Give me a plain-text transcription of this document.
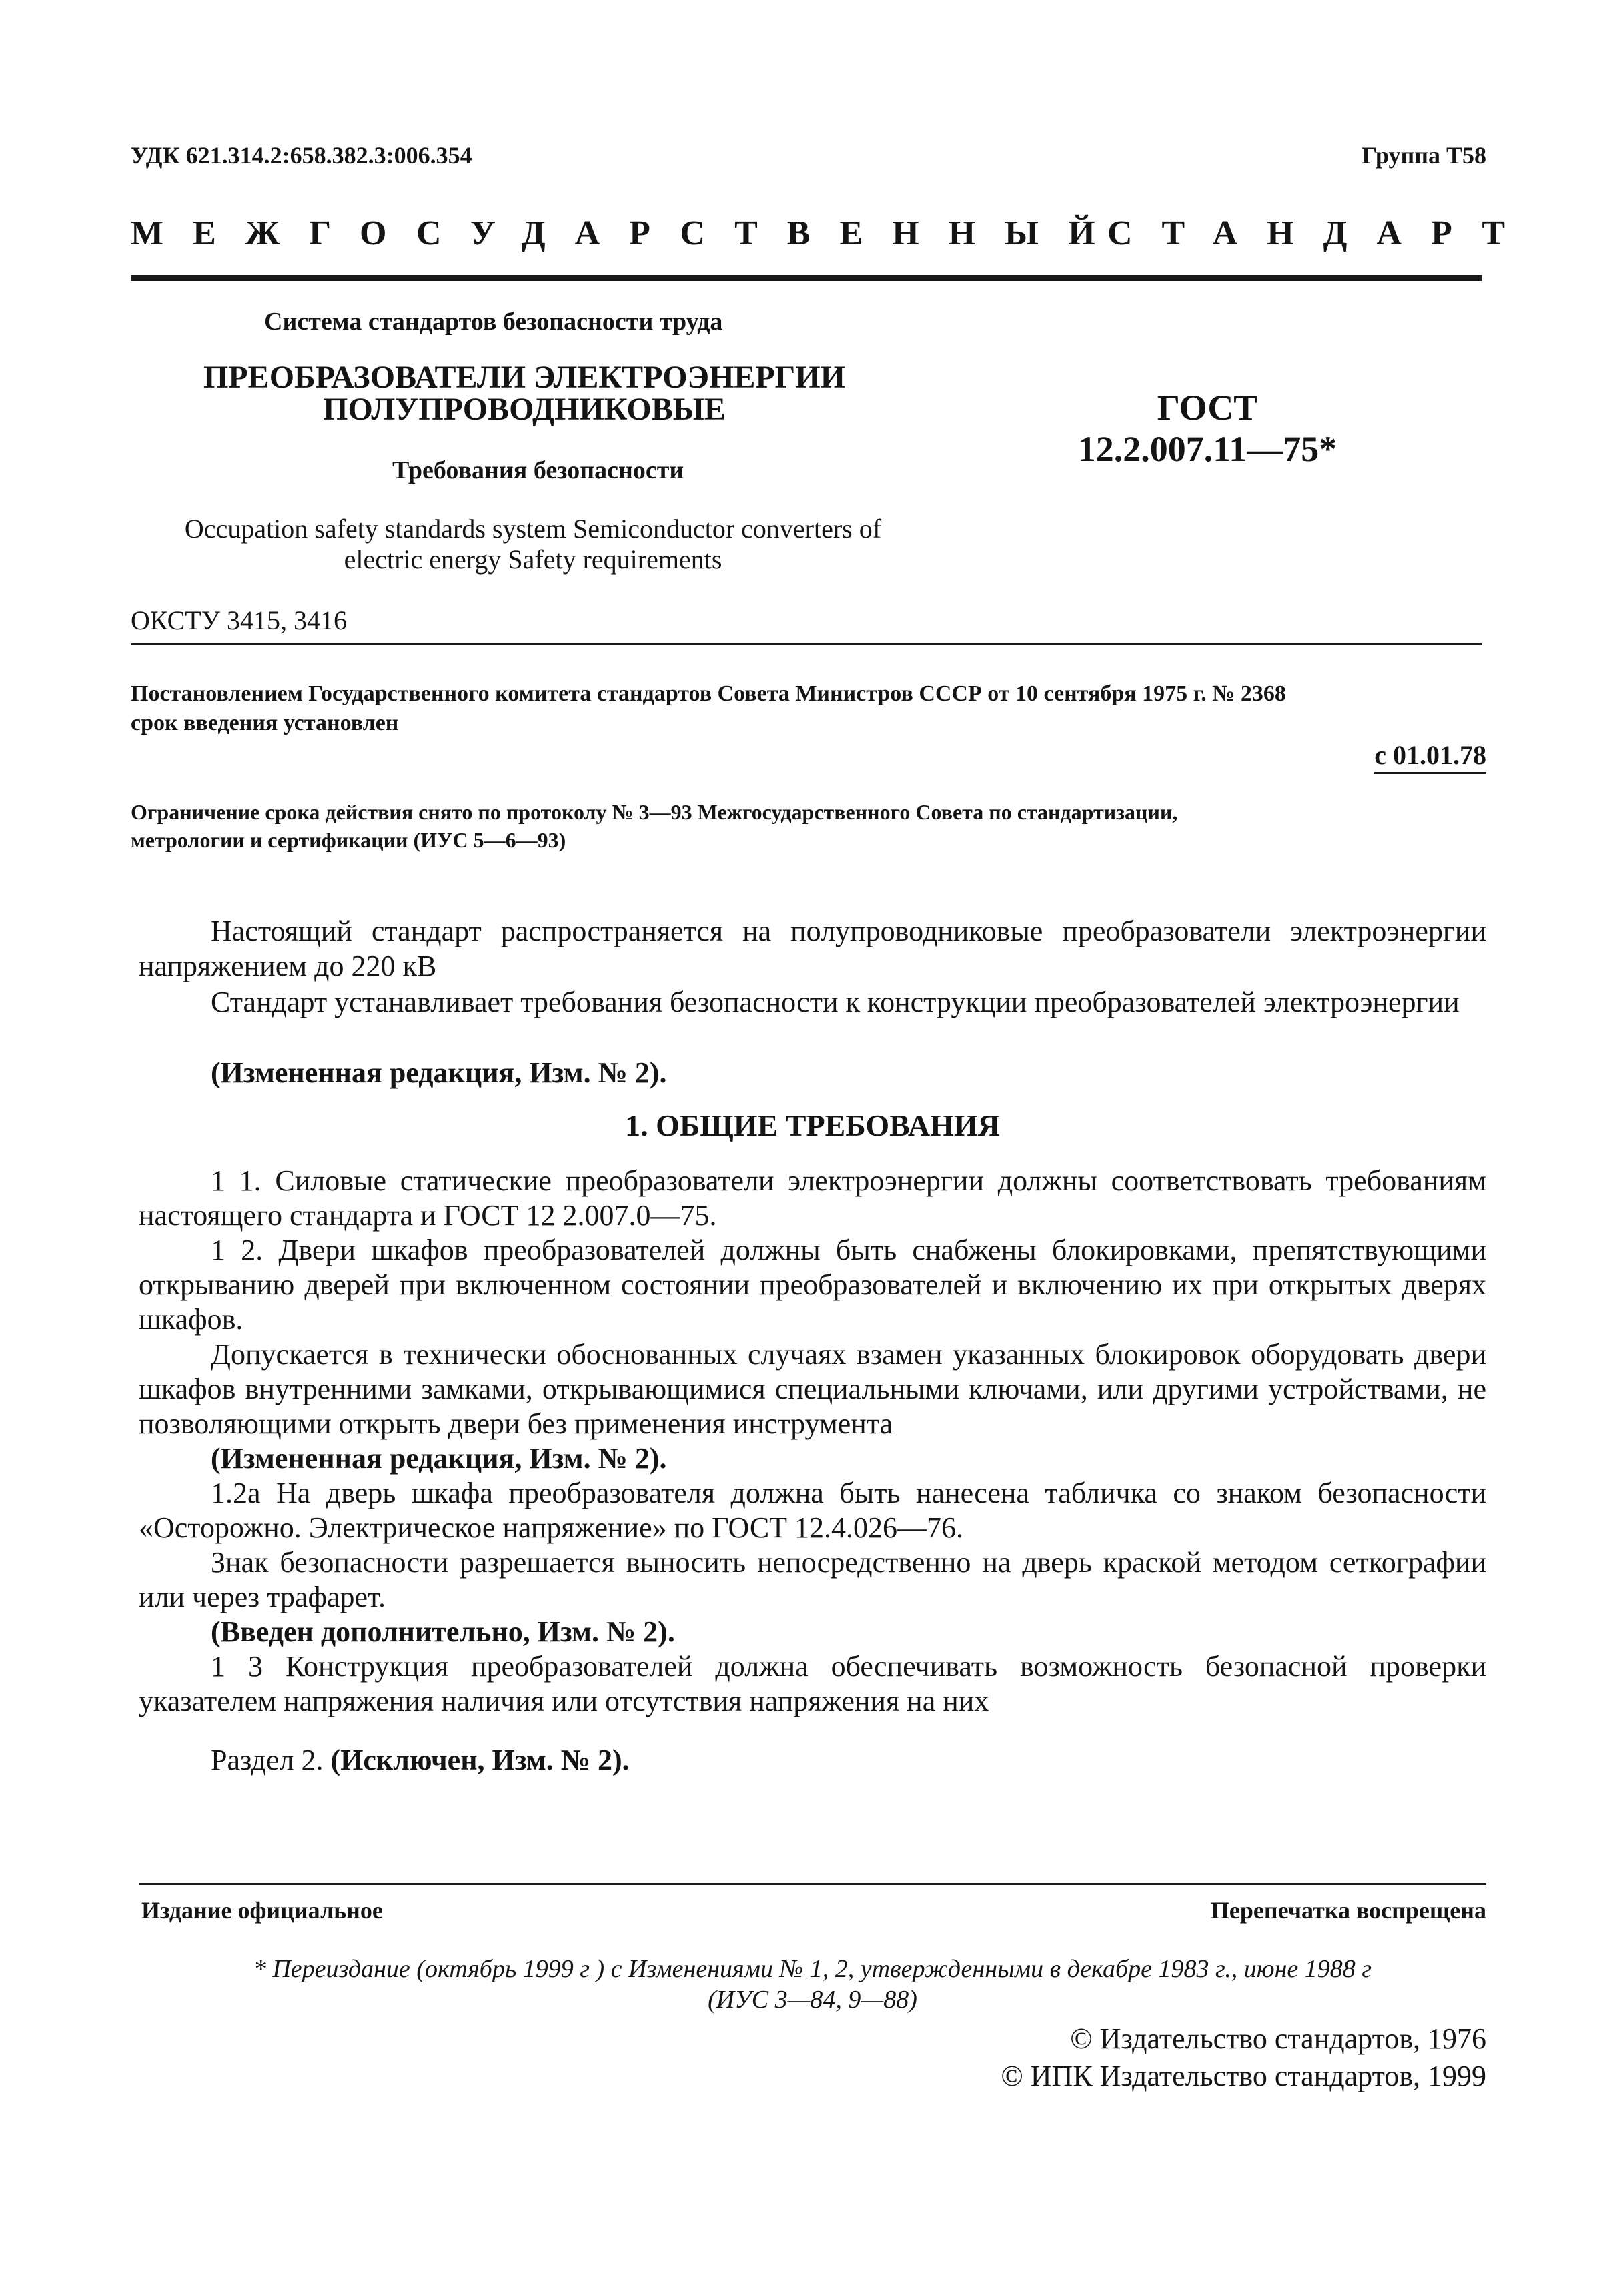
УДК 621.314.2:658.382.3:006.354	Группа Т58
МЕЖГОСУДАРСТВЕННЫЙ
СТАНДАРТ
Система стандартов безопасности труда
ПРЕОБРАЗОВАТЕЛИ ЭЛЕКТРОЭНЕРГИИ
ПОЛУПРОВОДНИКОВЫЕ
Требования безопасности
Occupation safety standards system Semiconductor converters of
electric energy Safety requirements
ГОСТ
12.2.007.11—75*
ОКСТУ 3415, 3416
Постановлением Государственного комитета стандартов Совета Министров СССР от 10 сентября 1975 г. № 2368
срок введения установлен
с 01.01.78
Ограничение срока действия снято по протоколу № 3—93 Межгосударственного Совета по стандартизации,
метрологии и сертификации (ИУС 5—6—93)

Настоящий стандарт распространяется на полупроводниковые преобразователи электроэнергии напряжением до 220 кВ

Стандарт устанавливает требования безопасности к конструкции преобразователей электроэнергии

(Измененная редакция, Изм. № 2).

1. ОБЩИЕ ТРЕБОВАНИЯ

1 1. Силовые статические преобразователи электроэнергии должны соответствовать требованиям настоящего стандарта и ГОСТ 12 2.007.0—75.

1 2. Двери шкафов преобразователей должны быть снабжены блокировками, препятствующими открыванию дверей при включенном состоянии преобразователей и включению их при открытых дверях шкафов.

Допускается в технически обоснованных случаях взамен указанных блокировок оборудовать двери шкафов внутренними замками, открывающимися специальными ключами, или другими устройствами, не позволяющими открыть двери без применения инструмента

(Измененная редакция, Изм. № 2).

1.2а На дверь шкафа преобразователя должна быть нанесена табличка со знаком безопасности «Осторожно. Электрическое напряжение» по ГОСТ 12.4.026—76.

Знак безопасности разрешается выносить непосредственно на дверь краской методом сеткографии или через трафарет.

(Введен дополнительно, Изм. № 2).

1 3 Конструкция преобразователей должна обеспечивать возможность безопасной проверки указателем напряжения наличия или отсутствия напряжения на них

Раздел 2. (Исключен, Изм. № 2).
Издание официальное	Перепечатка воспрещена
* Переиздание (октябрь 1999 г ) с Изменениями № 1, 2, утвержденными в декабре 1983 г., июне 1988 г
(ИУС 3—84, 9—88)
© Издательство стандартов, 1976
© ИПК Издательство стандартов, 1999
